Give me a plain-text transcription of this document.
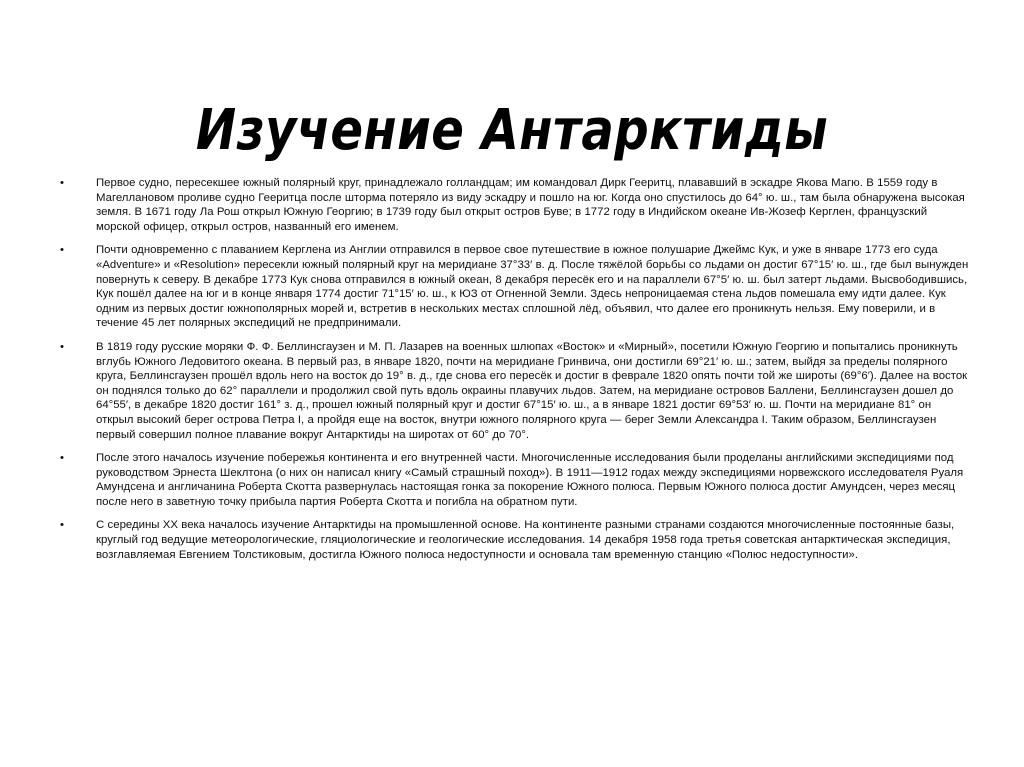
Изучение Антарктиды
•	Первое судно, пересекшее южный полярный круг, принадлежало голландцам; им командовал Дирк Гееритц, плававший в эскадре Якова Магю. В 1559 году в Магеллановом проливе судно Гееритца после шторма потеряло из виду эскадру и пошло на юг. Когда оно спустилось до 64° ю. ш., там была обнаружена высокая земля. В 1671 году Ла Рош открыл Южную Георгию; в 1739 году был открыт остров Буве; в 1772 году в Индийском океане Ив-Жозеф Керглен, французский морской офицер, открыл остров, названный его именем.
•	Почти одновременно с плаванием Керглена из Англии отправился в первое свое путешествие в южное полушарие Джеймс Кук, и уже в январе 1773 его суда «Adventure» и «Resolution» пересекли южный полярный круг на меридиане 37°33′ в. д. После тяжёлой борьбы со льдами он достиг 67°15′ ю. ш., где был вынужден повернуть к северу. В декабре 1773 Кук снова отправился в южный океан, 8 декабря пересёк его и на параллели 67°5′ ю. ш. был затерт льдами. Высвободившись, Кук пошёл далее на юг и в конце января 1774 достиг 71°15′ ю. ш., к ЮЗ от Огненной Земли. Здесь непроницаемая стена льдов помешала ему идти далее. Кук одним из первых достиг южнополярных морей и, встретив в нескольких местах сплошной лёд, объявил, что далее его проникнуть нельзя. Ему поверили, и в течение 45 лет полярных экспедиций не предпринимали.
•	В 1819 году русские моряки Ф. Ф. Беллинсгаузен и М. П. Лазарев на военных шлюпах «Восток» и «Мирный», посетили Южную Георгию и попытались проникнуть вглубь Южного Ледовитого океана. В первый раз, в январе 1820, почти на меридиане Гринвича, они достигли 69°21′ ю. ш.; затем, выйдя за пределы полярного круга, Беллинсгаузен прошёл вдоль него на восток до 19° в. д., где снова его пересёк и достиг в феврале 1820 опять почти той же широты (69°6′). Далее на восток он поднялся только до 62° параллели и продолжил свой путь вдоль окраины плавучих льдов. Затем, на меридиане островов Баллени, Беллинсгаузен дошел до 64°55′, в декабре 1820 достиг 161° з. д., прошел южный полярный круг и достиг 67°15′ ю. ш., а в январе 1821 достиг 69°53′ ю. ш. Почти на меридиане 81° он открыл высокий берег острова Петра I, а пройдя еще на восток, внутри южного полярного круга — берег Земли Александра I. Таким образом, Беллинсгаузен первый совершил полное плавание вокруг Антарктиды на широтах от 60° до 70°.
•	После этого началось изучение побережья континента и его внутренней части. Многочисленные исследования были проделаны английскими экспедициями под руководством Эрнеста Шеклтона (о них он написал книгу «Самый страшный поход»). В 1911—1912 годах между экспедициями норвежского исследователя Руаля Амундсена и англичанина Роберта Скотта развернулась настоящая гонка за покорение Южного полюса. Первым Южного полюса достиг Амундсен, через месяц после него в заветную точку прибыла партия Роберта Скотта и погибла на обратном пути.
•	С середины XX века началось изучение Антарктиды на промышленной основе. На континенте разными странами создаются многочисленные постоянные базы, круглый год ведущие метеорологические, гляциологические и геологические исследования. 14 декабря 1958 года третья советская антарктическая экспедиция, возглавляемая Евгением Толстиковым, достигла Южного полюса недоступности и основала там временную станцию «Полюс недоступности».
